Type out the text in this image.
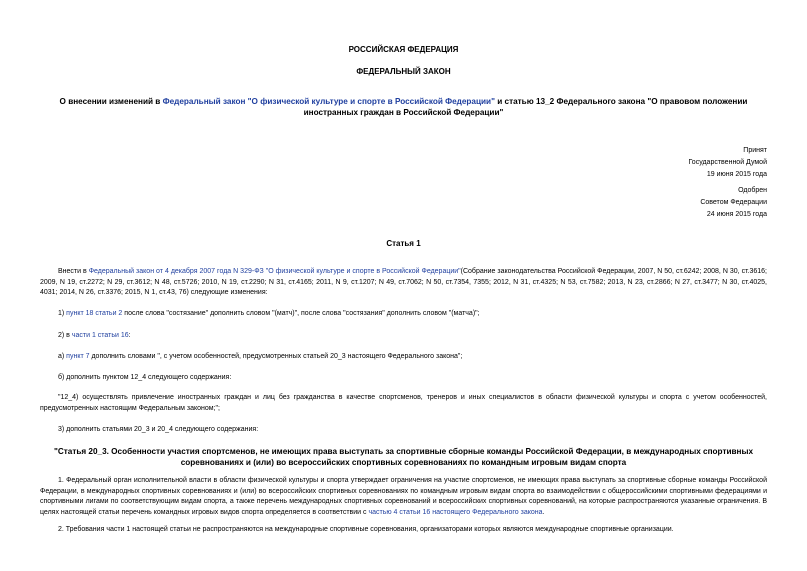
РОССИЙСКАЯ ФЕДЕРАЦИЯ
ФЕДЕРАЛЬНЫЙ ЗАКОН
О внесении изменений в Федеральный закон "О физической культуре и спорте в Российской Федерации" и статью 13_2 Федерального закона "О правовом положении иностранных граждан в Российской Федерации"
Принят
Государственной Думой
19 июня 2015 года
Одобрен
Советом Федерации
24 июня 2015 года
Статья 1
Внести в Федеральный закон от 4 декабря 2007 года N 329-ФЗ "О физической культуре и спорте в Российской Федерации"(Собрание законодательства Российской Федерации, 2007, N 50, ст.6242; 2008, N 30, ст.3616; 2009, N 19, ст.2272; N 29, ст.3612; N 48, ст.5726; 2010, N 19, ст.2290; N 31, ст.4165; 2011, N 9, ст.1207; N 49, ст.7062; N 50, ст.7354, 7355; 2012, N 31, ст.4325; N 53, ст.7582; 2013, N 23, ст.2866; N 27, ст.3477; N 30, ст.4025, 4031; 2014, N 26, ст.3376; 2015, N 1, ст.43, 76) следующие изменения:
1) пункт 18 статьи 2 после слова "состязание" дополнить словом "(матч)", после слова "состязания" дополнить словом "(матча)";
2) в части 1 статьи 16:
а) пункт 7 дополнить словами ", с учетом особенностей, предусмотренных статьей 20_3 настоящего Федерального закона";
б) дополнить пунктом 12_4 следующего содержания:
"12_4) осуществлять привлечение иностранных граждан и лиц без гражданства в качестве спортсменов, тренеров и иных специалистов в области физической культуры и спорта с учетом особенностей, предусмотренных настоящим Федеральным законом;";
3) дополнить статьями 20_3 и 20_4 следующего содержания:
"Статья 20_3. Особенности участия спортсменов, не имеющих права выступать за спортивные сборные команды Российской Федерации, в международных спортивных соревнованиях и (или) во всероссийских спортивных соревнованиях по командным игровым видам спорта
1. Федеральный орган исполнительной власти в области физической культуры и спорта утверждает ограничения на участие спортсменов, не имеющих права выступать за спортивные сборные команды Российской Федерации, в международных спортивных соревнованиях и (или) во всероссийских спортивных соревнованиях по командным игровым видам спорта во взаимодействии с общероссийскими спортивными федерациями и спортивными лигами по соответствующим видам спорта, а также перечень международных спортивных соревнований и всероссийских спортивных соревнований, на которые распространяются указанные ограничения. В целях настоящей статьи перечень командных игровых видов спорта определяется в соответствии с частью 4 статьи 16 настоящего Федерального закона.
2. Требования части 1 настоящей статьи не распространяются на международные спортивные соревнования, организаторами которых являются международные спортивные организации.
